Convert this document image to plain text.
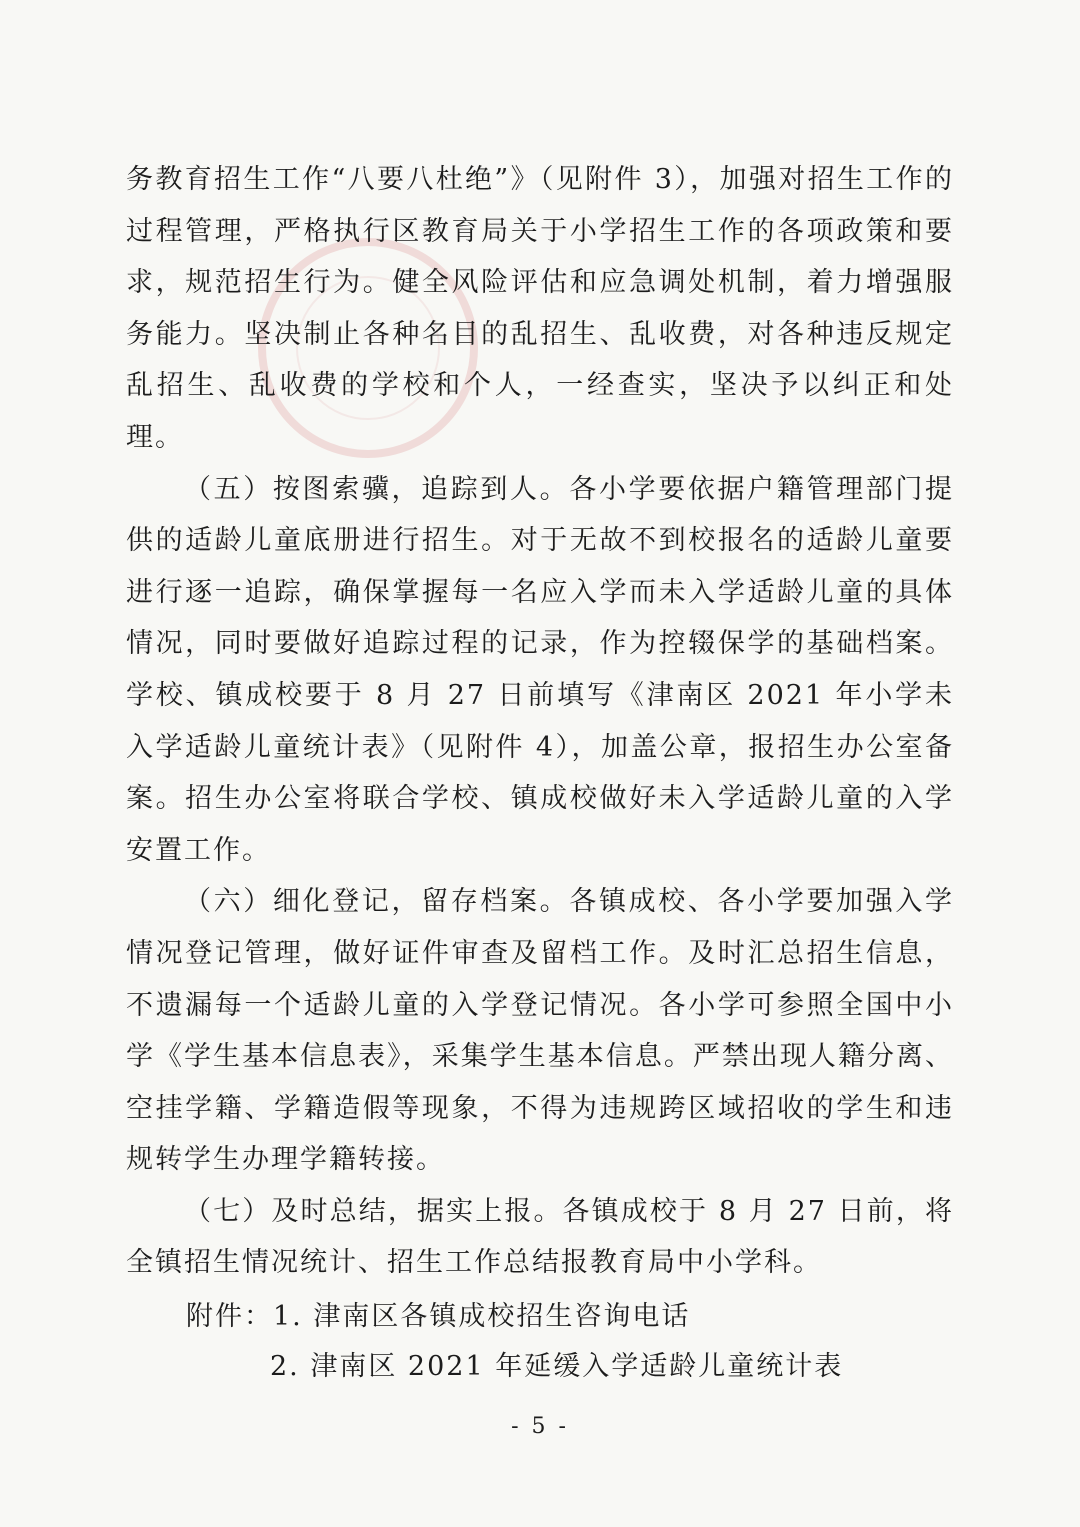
务教育招生工作“八要八杜绝”》（见附件 3），加强对招生工作的过程管理，严格执行区教育局关于小学招生工作的各项政策和要求，规范招生行为。健全风险评估和应急调处机制，着力增强服务能力。坚决制止各种名目的乱招生、乱收费，对各种违反规定乱招生、乱收费的学校和个人，一经查实，坚决予以纠正和处理。

（五）按图索骥，追踪到人。各小学要依据户籍管理部门提供的适龄儿童底册进行招生。对于无故不到校报名的适龄儿童要进行逐一追踪，确保掌握每一名应入学而未入学适龄儿童的具体情况，同时要做好追踪过程的记录，作为控辍保学的基础档案。学校、镇成校要于 8 月 27 日前填写《津南区 2021 年小学未入学适龄儿童统计表》（见附件 4），加盖公章，报招生办公室备案。招生办公室将联合学校、镇成校做好未入学适龄儿童的入学安置工作。

（六）细化登记，留存档案。各镇成校、各小学要加强入学情况登记管理，做好证件审查及留档工作。及时汇总招生信息，不遗漏每一个适龄儿童的入学登记情况。各小学可参照全国中小学《学生基本信息表》，采集学生基本信息。严禁出现人籍分离、空挂学籍、学籍造假等现象，不得为违规跨区域招收的学生和违规转学生办理学籍转接。

（七）及时总结，据实上报。各镇成校于 8 月 27 日前，将全镇招生情况统计、招生工作总结报教育局中小学科。

附件：1. 津南区各镇成校招生咨询电话
2. 津南区 2021 年延缓入学适龄儿童统计表
- 5 -
